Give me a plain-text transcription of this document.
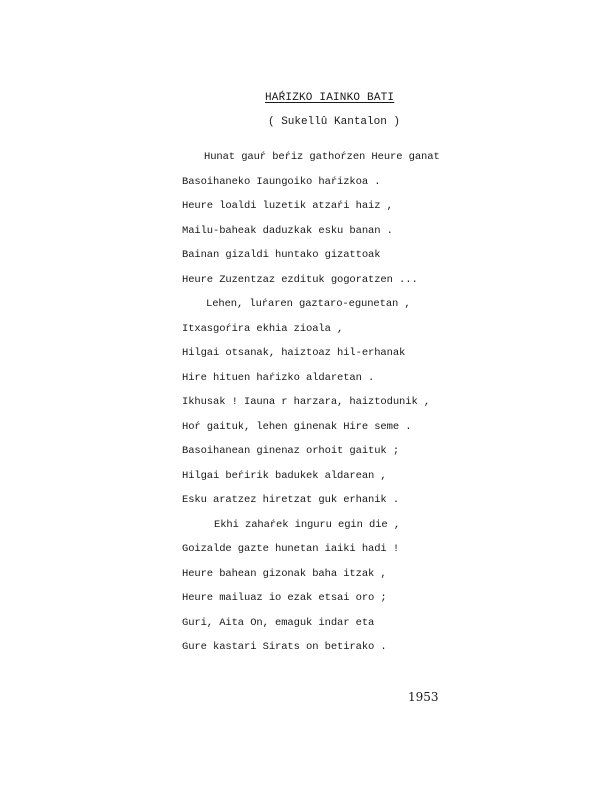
HAŔIZKO IAINKO BATI
( Sukellû Kantalon )
Hunat gauŕ beŕiz gathoŕzen Heure ganat
Basoihaneko Iaungoiko haŕizkoa .
Heure loaldi luzetik atzaŕi haiz ,
Mailu-baheak daduzkak esku banan .
Bainan gizaldi huntako gizattoak
Heure Zuzentzaz ezdituk gogoratzen ...
Lehen, luŕaren gaztaro-egunetan ,
Itxasgoŕira ekhia zioala ,
Hilgai otsanak, haiztoaz hil-erhanak
Hire hituen haŕizko aldaretan .
Ikhusak ! Iauna r harzara, haiztodunik ,
Hoŕ gaituk, lehen ginenak Hire seme .
Basoihanean ginenaz orhoit gaituk ;
Hilgai beŕirik badukek aldarean ,
Esku aratzez hiretzat guk erhanik .
Ekhi zahaŕek inguru egin die ,
Goizalde gazte hunetan iaiki hadi !
Heure bahean gizonak baha itzak ,
Heure mailuaz io ezak etsai oro ;
Guri, Aita On, emaguk indar eta
Gure kastari Sirats on betirako .
1953
